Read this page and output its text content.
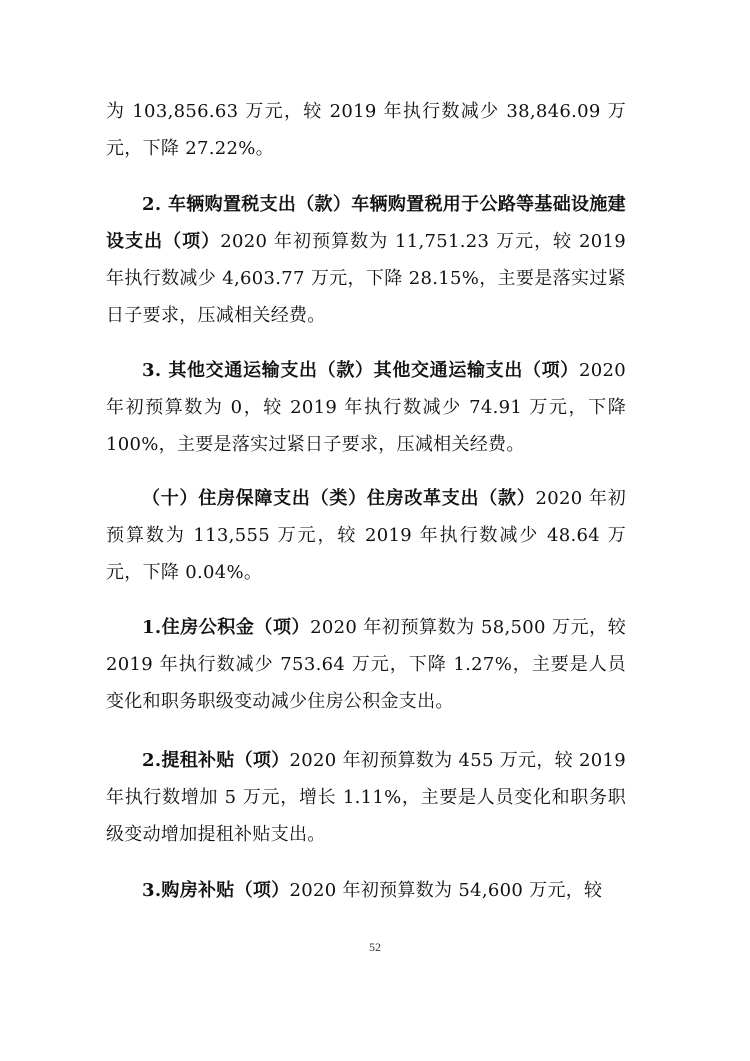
为 103,856.63 万元，较 2019 年执行数减少 38,846.09 万元，下降 27.22%。

2. 车辆购置税支出（款）车辆购置税用于公路等基础设施建设支出（项）2020 年初预算数为 11,751.23 万元，较 2019 年执行数减少 4,603.77 万元，下降 28.15%，主要是落实过紧日子要求，压减相关经费。

3. 其他交通运输支出（款）其他交通运输支出（项）2020 年初预算数为 0，较 2019 年执行数减少 74.91 万元，下降 100%，主要是落实过紧日子要求，压减相关经费。

（十）住房保障支出（类）住房改革支出（款）2020 年初预算数为 113,555 万元，较 2019 年执行数减少 48.64 万元，下降 0.04%。

1.住房公积金（项）2020 年初预算数为 58,500 万元，较 2019 年执行数减少 753.64 万元，下降 1.27%，主要是人员变化和职务职级变动减少住房公积金支出。

2.提租补贴（项）2020 年初预算数为 455 万元，较 2019 年执行数增加 5 万元，增长 1.11%，主要是人员变化和职务职级变动增加提租补贴支出。

3.购房补贴（项）2020 年初预算数为 54,600 万元，较

52
